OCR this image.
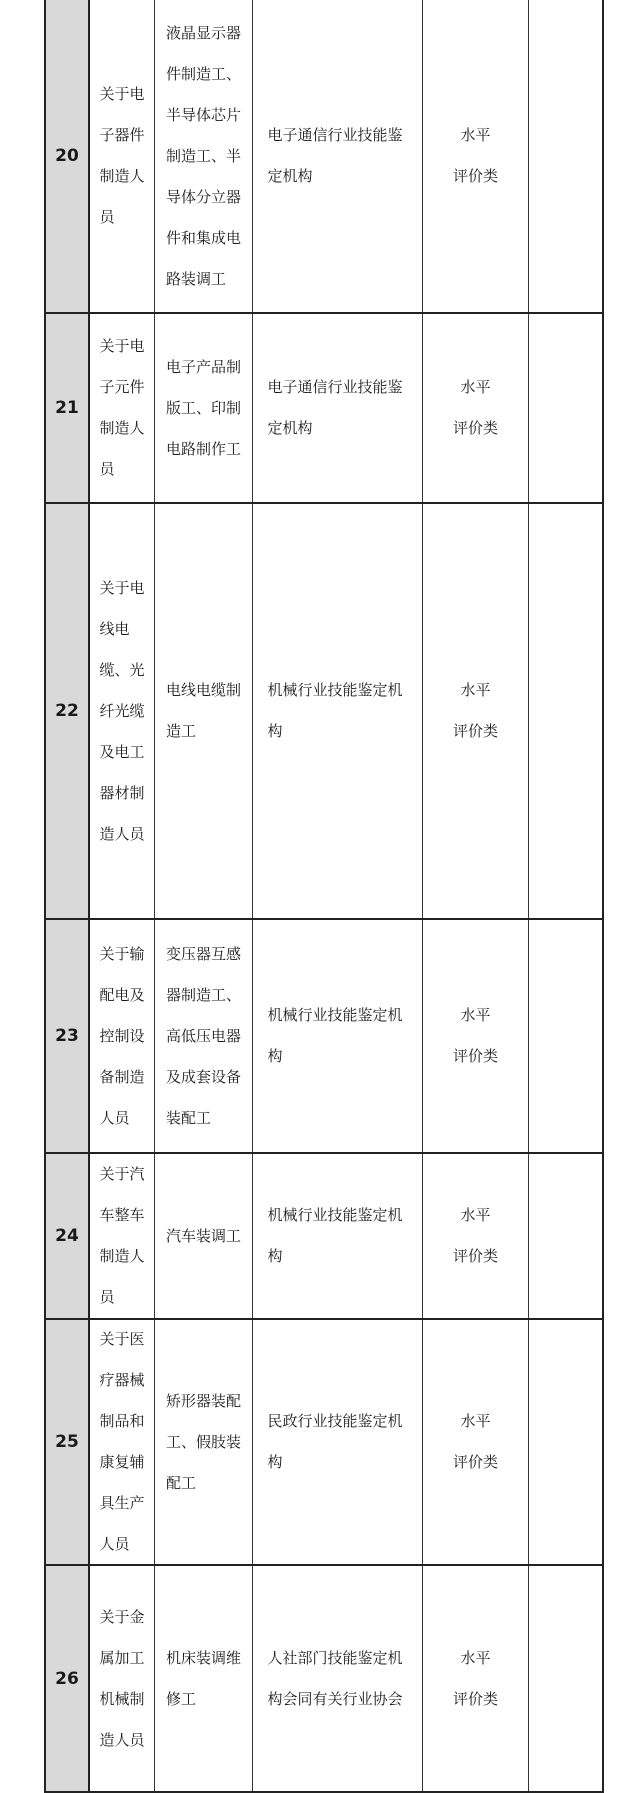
20
关于电
子器件
制造人
员
液晶显示器
件制造工、
半导体芯片
制造工、半
导体分立器
件和集成电
路装调工
电子通信行业技能鉴
定机构
水平
评价类
21
关于电
子元件
制造人
员
电子产品制
版工、印制
电路制作工
电子通信行业技能鉴
定机构
水平
评价类
22
关于电
线电
缆、光
纤光缆
及电工
器材制
造人员
电线电缆制
造工
机械行业技能鉴定机
构
水平
评价类
23
关于输
配电及
控制设
备制造
人员
变压器互感
器制造工、
高低压电器
及成套设备
装配工
机械行业技能鉴定机
构
水平
评价类
24
关于汽
车整车
制造人
员
汽车装调工
机械行业技能鉴定机
构
水平
评价类
25
关于医
疗器械
制品和
康复辅
具生产
人员
矫形器装配
工、假肢装
配工
民政行业技能鉴定机
构
水平
评价类
26
关于金
属加工
机械制
造人员
机床装调维
修工
人社部门技能鉴定机
构会同有关行业协会
水平
评价类
